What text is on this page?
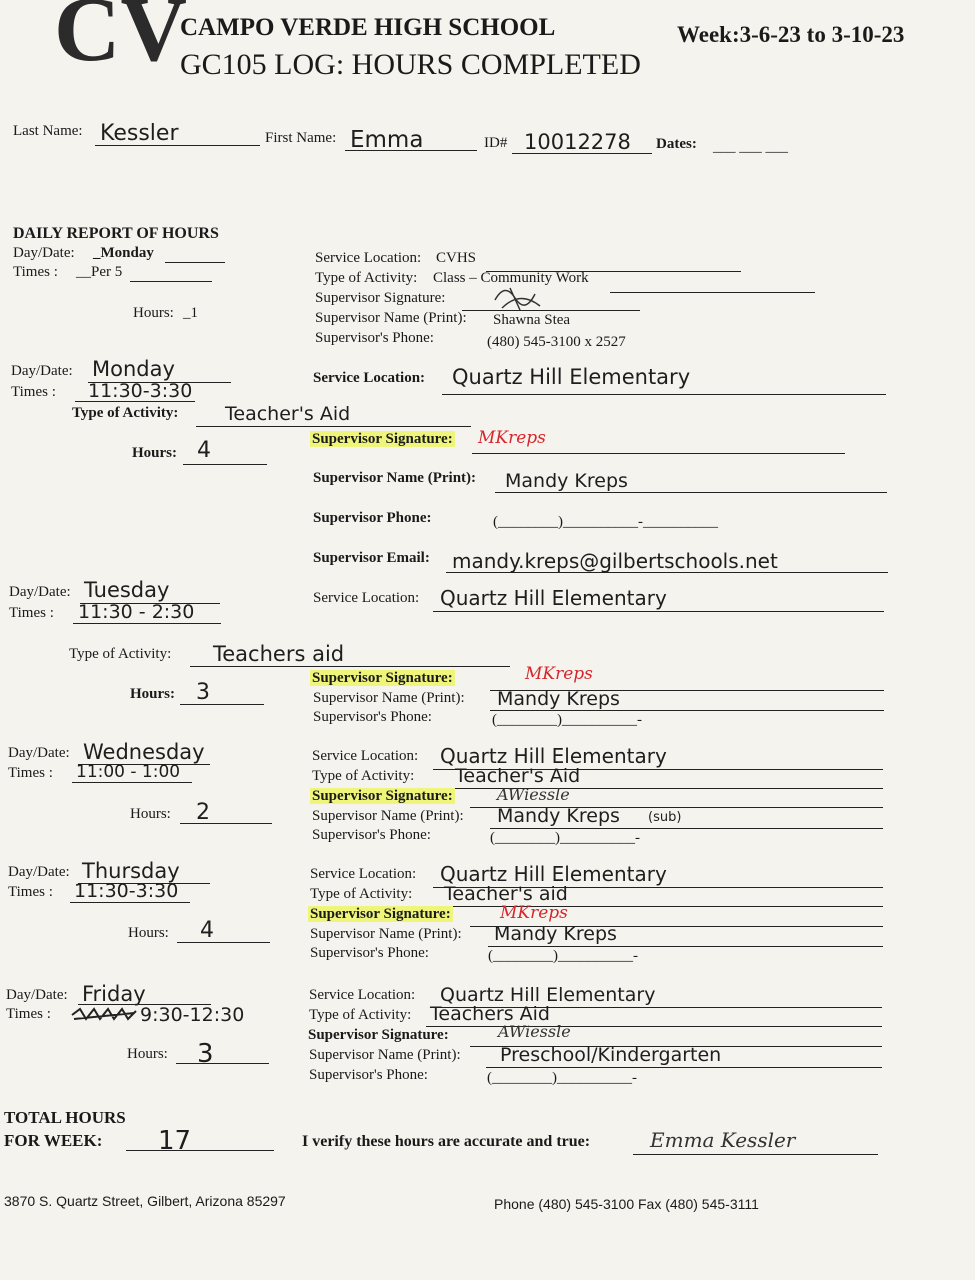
CV
CAMPO VERDE HIGH SCHOOL	Week:3-6-23 to 3-10-23
GC105 LOG: HOURS COMPLETED
Last Name: Kessler	First Name: Emma	ID# 10012278 Dates: ___ ___ ___
DAILY REPORT OF HOURS
Day/Date: _Monday
Times : __Per 5
Hours: _1
Service Location: CVHS
Type of Activity: Class – Community Work
Supervisor Signature:
Supervisor Name (Print): Shawna Stea
Supervisor's Phone:	(480) 545-3100 x 2527
Day/Date: Monday
Times : 11:30-3:30
Type of Activity: Teacher's Aid
Hours: 4
Service Location: Quartz Hill Elementary
Supervisor Signature: MKreps
Supervisor Name (Print): Mandy Kreps
Supervisor Phone:	(________)__________-__________
Supervisor Email: mandy.kreps@gilbertschools.net
Day/Date: Tuesday
Times : 11:30 - 2:30
Type of Activity: Teachers aid
Hours: 3
Service Location: Quartz Hill Elementary
Supervisor Signature:	MKreps
Supervisor Name (Print): Mandy Kreps
Supervisor's Phone:	(________)__________-
Day/Date: Wednesday
Times : 11:00 - 1:00
Hours: 2
Service Location: Quartz Hill Elementary
Type of Activity: Teacher's Aid
Supervisor Signature:	AWiessle
Supervisor Name (Print): Mandy Kreps (sub)
Supervisor's Phone:	(________)__________-
Day/Date: Thursday
Times : 11:30-3:30
Hours: 4
Service Location: Quartz Hill Elementary
Type of Activity: Teacher's aid
Supervisor Signature:	MKreps
Supervisor Name (Print): Mandy Kreps
Supervisor's Phone:	(________)__________-
Day/Date: Friday
Times :	9:30-12:30
Hours: 3
Service Location: Quartz Hill Elementary
Type of Activity: Teachers Aid
Supervisor Signature:	AWiessle
Supervisor Name (Print): Preschool/Kindergarten
Supervisor's Phone:	(________)__________-
TOTAL HOURS
FOR WEEK: 17	I verify these hours are accurate and true:	Emma Kessler
3870 S. Quartz Street, Gilbert, Arizona 85297	Phone (480) 545-3100 Fax (480) 545-3111
